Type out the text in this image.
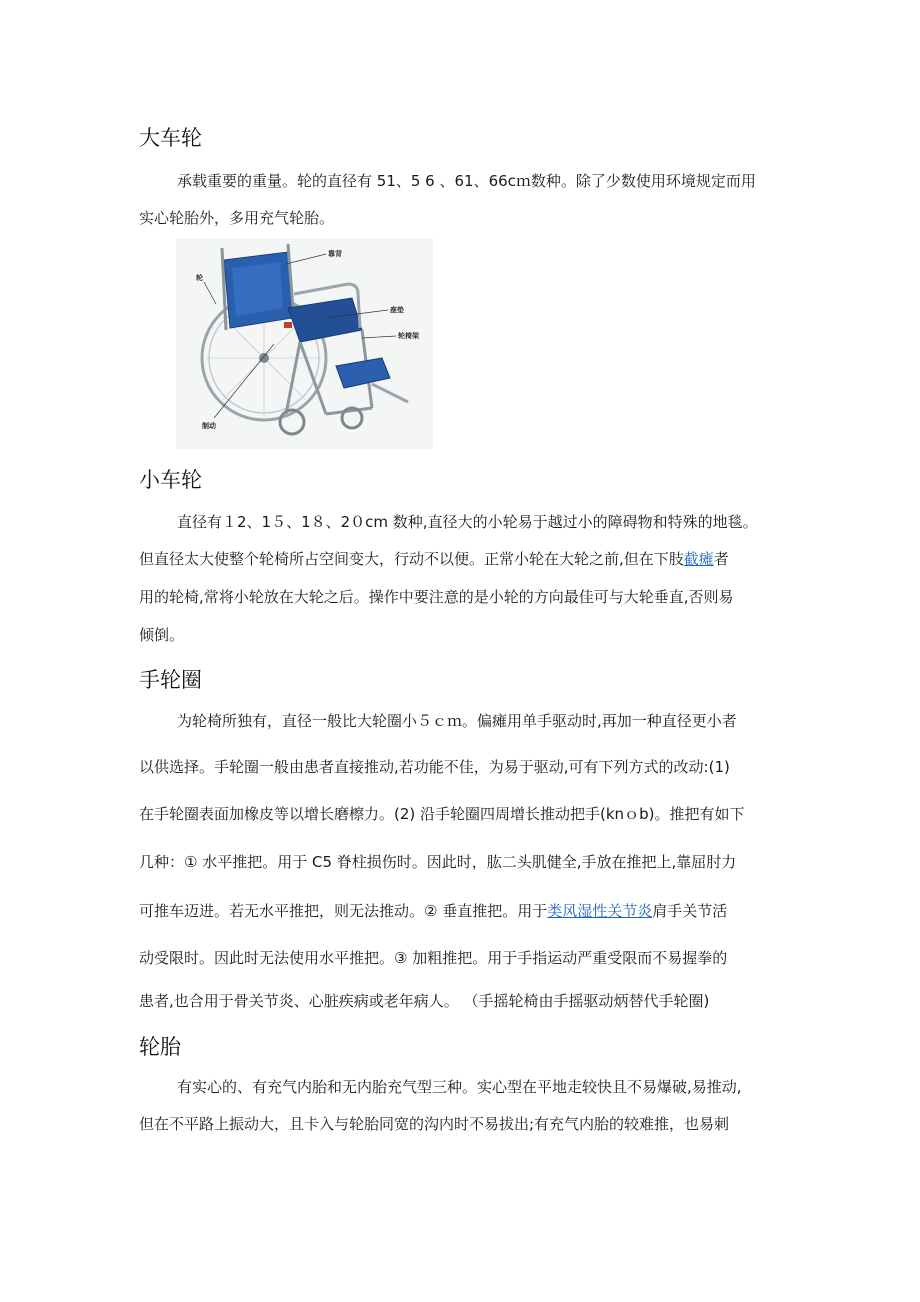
大车轮

承载重要的重量。轮的直径有 51、5 6 、61、66cｍ数种。除了少数使用环境规定而用

实心轮胎外，多用充气轮胎。

靠背
轮
座垫
轮椅架
制动
小车轮

直径有１2、1５、1８、2０cm 数种,直径大的小轮易于越过小的障碍物和特殊的地毯。

但直径太大使整个轮椅所占空间变大，行动不以便。正常小轮在大轮之前,但在下肢截瘫者

用的轮椅,常将小轮放在大轮之后。操作中要注意的是小轮的方向最佳可与大轮垂直,否则易

倾倒。

手轮圈

为轮椅所独有，直径一般比大轮圈小５ｃｍ。偏瘫用单手驱动时,再加一种直径更小者

以供选择。手轮圈一般由患者直接推动,若功能不佳，为易于驱动,可有下列方式的改动:(1)

在手轮圈表面加橡皮等以增长磨檫力。(2) 沿手轮圈四周增长推动把手(knｏb)。推把有如下

几种：① 水平推把。用于 C5 脊柱损伤时。因此时，肱二头肌健全,手放在推把上,靠屈肘力

可推车迈进。若无水平推把，则无法推动。② 垂直推把。用于类风湿性关节炎肩手关节活

动受限时。因此时无法使用水平推把。③ 加粗推把。用于手指运动严重受限而不易握拳的

患者,也合用于骨关节炎、心脏疾病或老年病人。 （手摇轮椅由手摇驱动炳替代手轮圈)

轮胎

有实心的、有充气内胎和无内胎充气型三种。实心型在平地走较快且不易爆破,易推动,

但在不平路上振动大，且卡入与轮胎同宽的沟内时不易拔出;有充气内胎的较难推，也易刺
